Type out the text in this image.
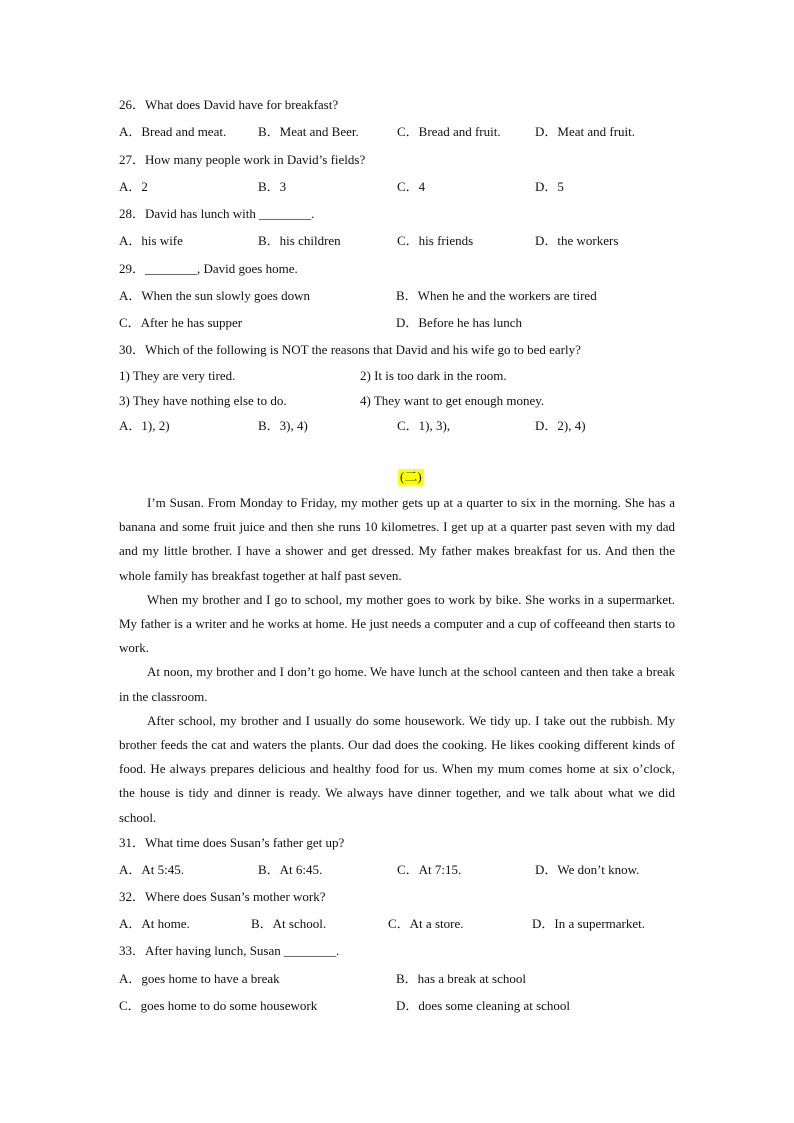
26．What does David have for breakfast?
A．Bread and meat. B．Meat and Beer.	C．Bread and fruit.	D．Meat and fruit.
27．How many people work in David’s fields?
A．2	B．3	C．4	D．5
28．David has lunch with ________.
A．his wife	B．his children	C．his friends	D．the workers
29．________, David goes home.
A．When the sun slowly goes down	B．When he and the workers are tired
C．After he has supper	D．Before he has lunch
30．Which of the following is NOT the reasons that David and his wife go to bed early?
1) They are very tired.	2) It is too dark in the room.
3) They have nothing else to do.	4) They want to get enough money.
A．1), 2)	B．3), 4)	C．1), 3),	D．2), 4)
(二)

I’m Susan. From Monday to Friday, my mother gets up at a quarter to six in the morning. She has a banana and some fruit juice and then she runs 10 kilometres. I get up at a quarter past seven with my dad and my little brother. I have a shower and get dressed. My father makes breakfast for us. And then the whole family has breakfast together at half past seven.

When my brother and I go to school, my mother goes to work by bike. She works in a supermarket. My father is a writer and he works at home. He just needs a computer and a cup of coffeeand then starts to work.

At noon, my brother and I don’t go home. We have lunch at the school canteen and then take a break in the classroom.

After school, my brother and I usually do some housework. We tidy up. I take out the rubbish. My brother feeds the cat and waters the plants. Our dad does the cooking. He likes cooking different kinds of food. He always prepares delicious and healthy food for us. When my mum comes home at six o’clock, the house is tidy and dinner is ready. We always have dinner together, and we talk about what we did school.

31．What time does Susan’s father get up?
A．At 5:45.	B．At 6:45.	C．At 7:15.	D．We don’t know.
32．Where does Susan’s mother work?
A．At home.	B．At school.	C．At a store.	D．In a supermarket.
33．After having lunch, Susan ________.
A．goes home to have a break	B．has a break at school
C．goes home to do some housework	D．does some cleaning at school
